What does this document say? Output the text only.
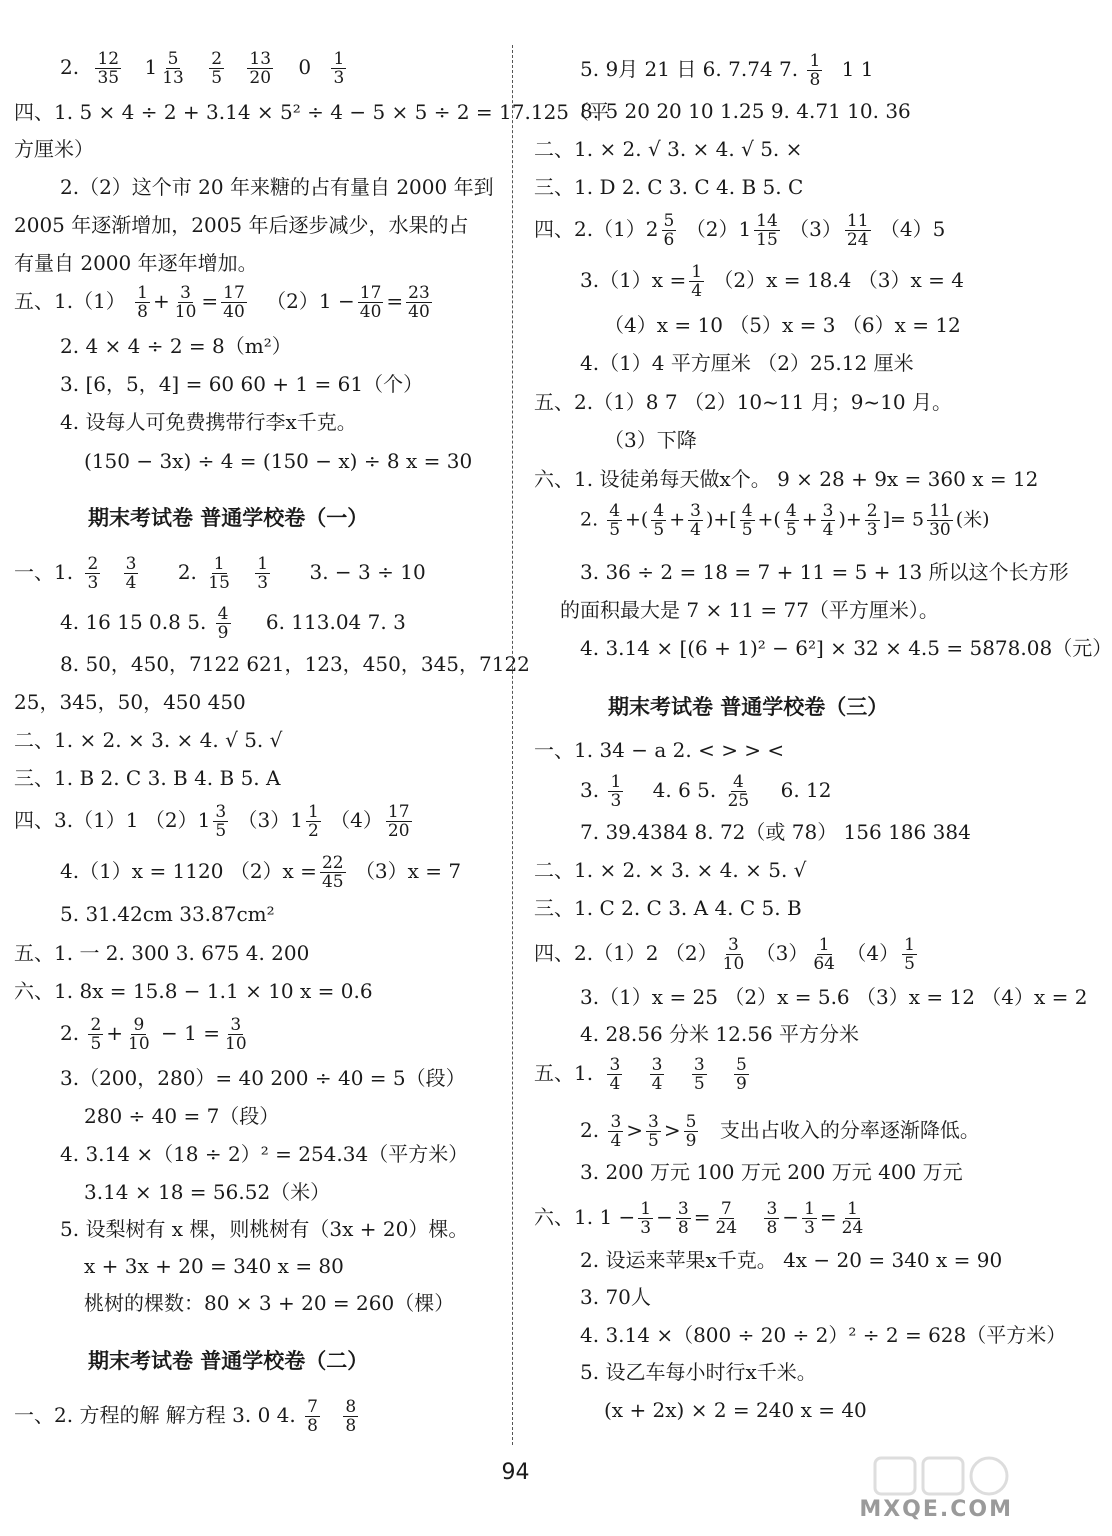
2. $\frac{12}{35} 1 \frac{5}{13}$
$\frac{2}{5}$
$\frac{13}{20} 0 \frac{1}{3}$
四、1. 5 × 4 ÷ 2 + 3.14 × 5² ÷ 4 − 5 × 5 ÷ 2 = 17.125（平
方厘米）
2.（2）这个市 20 年来糖的占有量自 2000 年到
2005 年逐渐增加，2005 年后逐步减少，水果的占
有量自 2000 年逐年增加。
五、$1.(1) \frac{1}{8} + \frac{3}{10} = \frac{17}{40} (2)1 - \frac{17}{40} = \frac{23}{40}$
2. 4 × 4 ÷ 2 = 8（m²）
3. [6，5，4] = 60 60 + 1 = 61（个）
4. 设每人可免费携带行李x千克。
(150 − 3x) ÷ 4 = (150 − x) ÷ 8 x = 30
期末考试卷 普通学校卷（一）
一、1. $\frac{2}{3}$
$\frac{3}{4} 2$. $\frac{1}{15}$
$\frac{1}{3} 3$. − 3 ÷ 10
4. 16 15 0.8 5. $\frac{4}{9} 6$. 113.04 7. 3
8. 50，450，7122 621，123，450，345，7122
25，345，50，450 450
二、1. × 2. × 3. × 4. √ 5. √
三、1. B 2. C 3. B 4. B 5. A
四、3.（1）1 $(2)1 \frac{3}{5} (3)1 \frac{1}{2} (4) \frac{17}{20}$
4.（1）x = 1120 $(2)x = \frac{22}{45} (3)x = 7$
5. 31.42cm 33.87cm²
五、1. 一 2. 300 3. 675 4. 200
六、1. 8x = 15.8 − 1.1 × 10 x = 0.6
2. $\frac{2}{5} + \frac{9}{10} - 1 = \frac{3}{10}$
3.（200，280）= 40 200 ÷ 40 = 5（段）
280 ÷ 40 = 7（段）
4. 3.14 ×（18 ÷ 2）² = 254.34（平方米）
3.14 × 18 = 56.52（米）
5. 设梨树有 x 棵，则桃树有（3x + 20）棵。
x + 3x + 20 = 340 x = 80
桃树的棵数：80 × 3 + 20 = 260（棵）
期末考试卷 普通学校卷（二）
一、2. 方程的解 解方程 3. 0 4. $\frac{7}{8}$
$\frac{8}{8}$
5. 9月 21 日 6. 7.74 7. $\frac{1}{8} 1$ 1
8. 5 20 20 10 1.25 9. 4.71 10. 36
二、1. × 2. √ 3. × 4. √ 5. ×
三、1. D 2. C 3. C 4. B 5. C
四、$2.(1)2 \frac{5}{6} (2)1 \frac{14}{15} (3) \frac{11}{24} (4)5$
$3.(1)x = \frac{1}{4} (2)x = 18.4$ （3）x = 4
（4）x = 10 （5）x = 3 （6）x = 12
4.（1）4 平方厘米 （2）25.12 厘米
五、2.（1）8 7 （2）10~11 月；9~10 月。
（3）下降
六、1. 设徒弟每天做x个。 9 × 28 + 9x = 360 x = 12
2. $\frac{4}{5}$ +( $\frac{4}{5} + \frac{3}{4}$ )+[ $\frac{4}{5}$ +( $\frac{4}{5} + \frac{3}{4}$ )+ $\frac{2}{3}$ ]= $5 \frac{11}{30}$ (米)
3. 36 ÷ 2 = 18 = 7 + 11 = 5 + 13 所以这个长方形
的面积最大是 7 × 11 = 77（平方厘米）。
4. 3.14 × [(6 + 1)² − 6²] × 32 × 4.5 = 5878.08（元）
期末考试卷 普通学校卷（三）
一、1. 34 − a 2. < > > <
3. $\frac{1}{3} 4$. 6 5. $\frac{4}{25} 6$. 12
7. 39.4384 8. 72（或 78） 156 186 384
二、1. × 2. × 3. × 4. × 5. √
三、1. C 2. C 3. A 4. C 5. B
四、2.（1）2 $(2) \frac{3}{10} (3) \frac{1}{64} (4) \frac{1}{5}$
3.（1）x = 25 （2）x = 5.6 （3）x = 12 （4）x = 2
4. 28.56 分米 12.56 平方分米
五、1. $\frac{3}{4}$
$\frac{3}{4}$
$\frac{3}{5}$
$\frac{5}{9}$
2. $\frac{3}{4} > \frac{3}{5} > \frac{5}{9}$ 支出占收入的分率逐渐降低。
3. 200 万元 100 万元 200 万元 400 万元
六、1. $1 - \frac{1}{3} - \frac{3}{8} = \frac{7}{24}$
$\frac{3}{8} - \frac{1}{3} = \frac{1}{24}$
2. 设运来苹果x千克。 4x − 20 = 340 x = 90
3. 70人
4. 3.14 ×（800 ÷ 20 ÷ 2）² ÷ 2 = 628（平方米）
5. 设乙车每小时行x千米。
(x + 2x) × 2 = 240 x = 40
94
MXQE.COM
